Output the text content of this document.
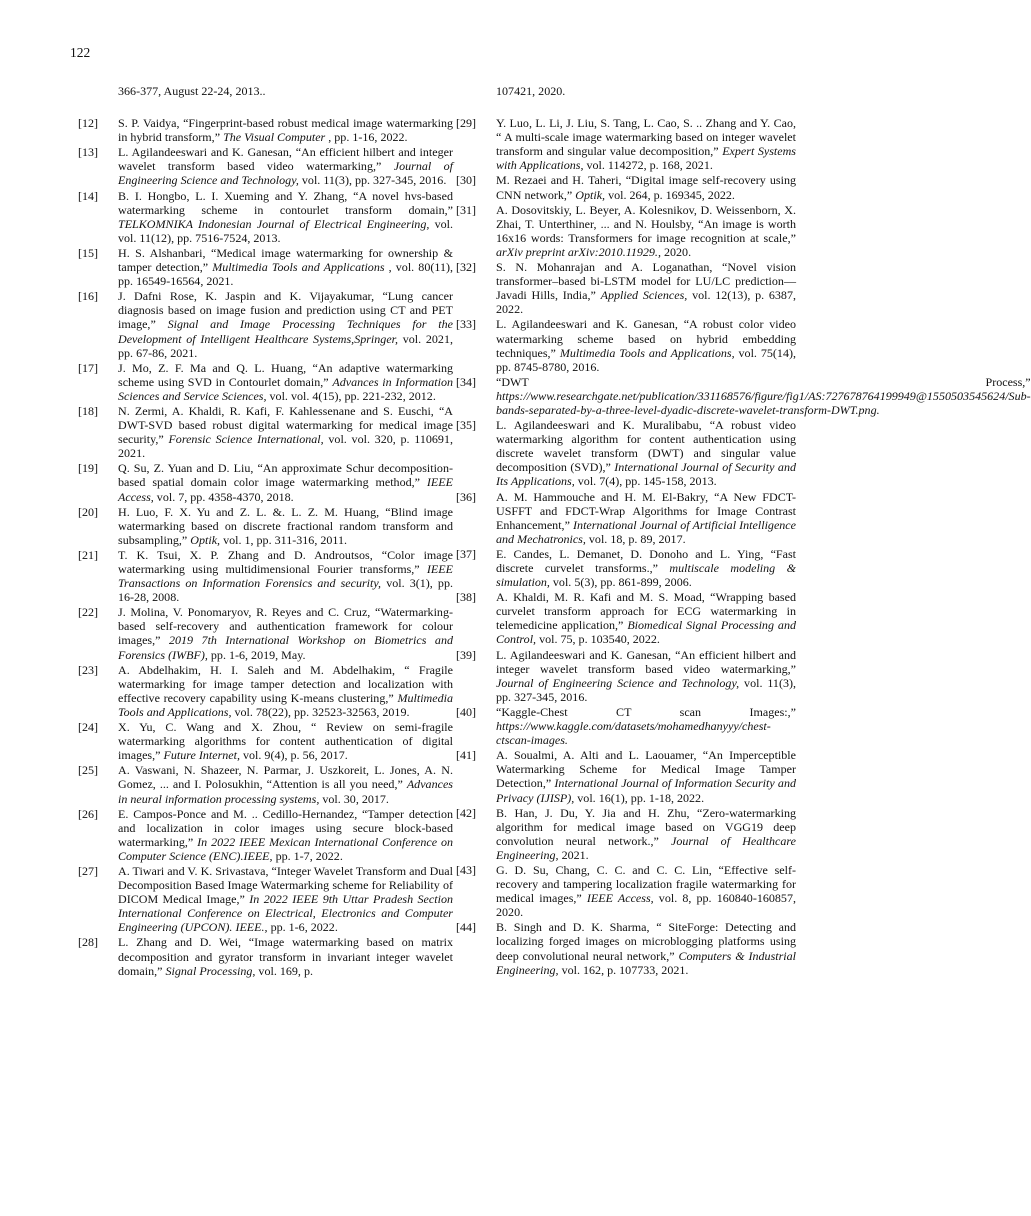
122
366-377, August 22-24, 2013..
[12]	S. P. Vaidya, “Fingerprint-based robust medical image watermarking in hybrid transform,” The Visual Computer , pp. 1-16, 2022.
[13]	L. Agilandeeswari and K. Ganesan, “An efficient hilbert and integer wavelet transform based video watermarking,” Journal of Engineering Science and Technology, vol. 11(3), pp. 327-345, 2016.
[14]	B. I. Hongbo, L. I. Xueming and Y. Zhang, “A novel hvs-based watermarking scheme in contourlet transform domain,” TELKOMNIKA Indonesian Journal of Electrical Engineering, vol. vol. 11(12), pp. 7516-7524, 2013.
[15]	H. S. Alshanbari, “Medical image watermarking for ownership & tamper detection,” Multimedia Tools and Applications , vol. 80(11), pp. 16549-16564, 2021.
[16]	J. Dafni Rose, K. Jaspin and K. Vijayakumar, “Lung cancer diagnosis based on image fusion and prediction using CT and PET image,” Signal and Image Processing Techniques for the Development of Intelligent Healthcare Systems,Springer, vol. 2021, pp. 67-86, 2021.
[17]	J. Mo, Z. F. Ma and Q. L. Huang, “An adaptive watermarking scheme using SVD in Contourlet domain,” Advances in Information Sciences and Service Sciences, vol. vol. 4(15), pp. 221-232, 2012.
[18]	N. Zermi, A. Khaldi, R. Kafi, F. Kahlessenane and S. Euschi, “A DWT-SVD based robust digital watermarking for medical image security,” Forensic Science International, vol. vol. 320, p. 110691, 2021.
[19]	Q. Su, Z. Yuan and D. Liu, “An approximate Schur decomposition-based spatial domain color image watermarking method,” IEEE Access, vol. 7, pp. 4358-4370, 2018.
[20]	H. Luo, F. X. Yu and Z. L. &. L. Z. M. Huang, “Blind image watermarking based on discrete fractional random transform and subsampling,” Optik, vol. 1, pp. 311-316, 2011.
[21]	T. K. Tsui, X. P. Zhang and D. Androutsos, “Color image watermarking using multidimensional Fourier transforms,” IEEE Transactions on Information Forensics and security, vol. 3(1), pp. 16-28, 2008.
[22]	J. Molina, V. Ponomaryov, R. Reyes and C. Cruz, “Watermarking-based self-recovery and authentication framework for colour images,” 2019 7th International Workshop on Biometrics and Forensics (IWBF), pp. 1-6, 2019, May.
[23]	A. Abdelhakim, H. I. Saleh and M. Abdelhakim, “ Fragile watermarking for image tamper detection and localization with effective recovery capability using K-means clustering,” Multimedia Tools and Applications, vol. 78(22), pp. 32523-32563, 2019.
[24]	X. Yu, C. Wang and X. Zhou, “ Review on semi-fragile watermarking algorithms for content authentication of digital images,” Future Internet, vol. 9(4), p. 56, 2017.
[25]	A. Vaswani, N. Shazeer, N. Parmar, J. Uszkoreit, L. Jones, A. N. Gomez, ... and I. Polosukhin, “Attention is all you need,” Advances in neural information processing systems, vol. 30, 2017.
[26]	E. Campos-Ponce and M. .. Cedillo-Hernandez, “Tamper detection and localization in color images using secure block-based watermarking,” In 2022 IEEE Mexican International Conference on Computer Science (ENC).IEEE, pp. 1-7, 2022.
[27]	A. Tiwari and V. K. Srivastava, “Integer Wavelet Transform and Dual Decomposition Based Image Watermarking scheme for Reliability of DICOM Medical Image,” In 2022 IEEE 9th Uttar Pradesh Section International Conference on Electrical, Electronics and Computer Engineering (UPCON). IEEE., pp. 1-6, 2022.
[28]	L. Zhang and D. Wei, “Image watermarking based on matrix decomposition and gyrator transform in invariant integer wavelet domain,” Signal Processing, vol. 169, p.
107421, 2020.
[29]	Y. Luo, L. Li, J. Liu, S. Tang, L. Cao, S. .. Zhang and Y. Cao, “ A multi-scale image watermarking based on integer wavelet transform and singular value decomposition,” Expert Systems with Applications, vol. 114272, p. 168, 2021.
[30]	M. Rezaei and H. Taheri, “Digital image self-recovery using CNN network,” Optik, vol. 264, p. 169345, 2022.
[31]	A. Dosovitskiy, L. Beyer, A. Kolesnikov, D. Weissenborn, X. Zhai, T. Unterthiner, ... and N. Houlsby, “An image is worth 16x16 words: Transformers for image recognition at scale,” arXiv preprint arXiv:2010.11929., 2020.
[32]	S. N. Mohanrajan and A. Loganathan, “Novel vision transformer–based bi-LSTM model for LU/LC prediction—Javadi Hills, India,” Applied Sciences, vol. 12(13), p. 6387, 2022.
[33]	L. Agilandeeswari and K. Ganesan, “A robust color video watermarking scheme based on hybrid embedding techniques,” Multimedia Tools and Applications, vol. 75(14), pp. 8745-8780, 2016.
[34]	“DWT Process,” https://www.researchgate.net/publication/331168576/figure/fig1/AS:727678764199949@1550503545624/Sub-bands-separated-by-a-three-level-dyadic-discrete-wavelet-transform-DWT.png.
[35]	L. Agilandeeswari and K. Muralibabu, “A robust video watermarking algorithm for content authentication using discrete wavelet transform (DWT) and singular value decomposition (SVD),” International Journal of Security and Its Applications, vol. 7(4), pp. 145-158, 2013.
[36]	A. M. Hammouche and H. M. El-Bakry, “A New FDCT-USFFT and FDCT-Wrap Algorithms for Image Contrast Enhancement,” International Journal of Artificial Intelligence and Mechatronics, vol. 18, p. 89, 2017.
[37]	E. Candes, L. Demanet, D. Donoho and L. Ying, “Fast discrete curvelet transforms.,” multiscale modeling & simulation, vol. 5(3), pp. 861-899, 2006.
[38]	A. Khaldi, M. R. Kafi and M. S. Moad, “Wrapping based curvelet transform approach for ECG watermarking in telemedicine application,” Biomedical Signal Processing and Control, vol. 75, p. 103540, 2022.
[39]	L. Agilandeeswari and K. Ganesan, “An efficient hilbert and integer wavelet transform based video watermarking,” Journal of Engineering Science and Technology, vol. 11(3), pp. 327-345, 2016.
[40]	“Kaggle-Chest CT scan Images:,” https://www.kaggle.com/datasets/mohamedhanyyy/chest-ctscan-images.
[41]	A. Soualmi, A. Alti and L. Laouamer, “An Imperceptible Watermarking Scheme for Medical Image Tamper Detection,” International Journal of Information Security and Privacy (IJISP), vol. 16(1), pp. 1-18, 2022.
[42]	B. Han, J. Du, Y. Jia and H. Zhu, “Zero-watermarking algorithm for medical image based on VGG19 deep convolution neural network.,” Journal of Healthcare Engineering, 2021.
[43]	G. D. Su, Chang, C. C. and C. C. Lin, “Effective self-recovery and tampering localization fragile watermarking for medical images,” IEEE Access, vol. 8, pp. 160840-160857, 2020.
[44]	B. Singh and D. K. Sharma, “ SiteForge: Detecting and localizing forged images on microblogging platforms using deep convolutional neural network,” Computers & Industrial Engineering, vol. 162, p. 107733, 2021.
